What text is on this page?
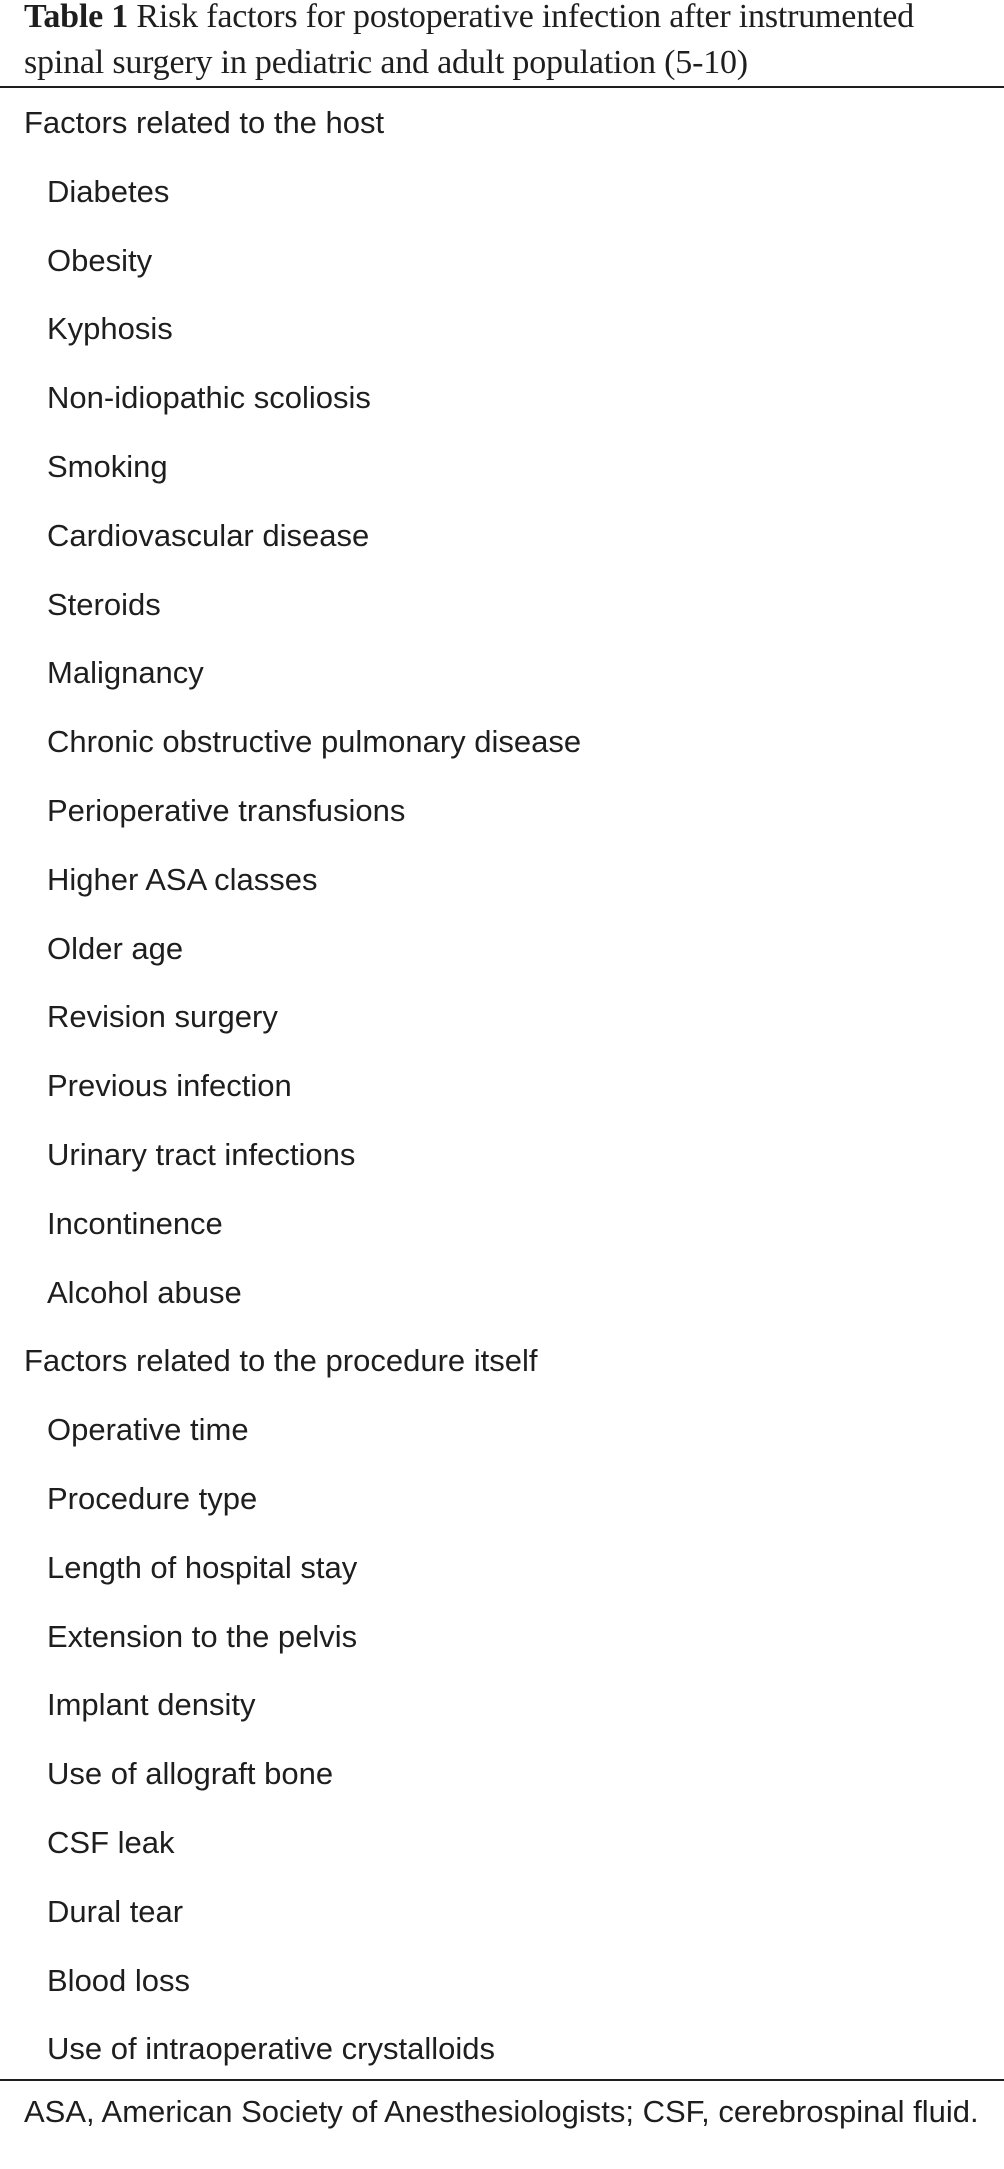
Table 1 Risk factors for postoperative infection after instrumented spinal surgery in pediatric and adult population (5-10)
Factors related to the host
Diabetes
Obesity
Kyphosis
Non-idiopathic scoliosis
Smoking
Cardiovascular disease
Steroids
Malignancy
Chronic obstructive pulmonary disease
Perioperative transfusions
Higher ASA classes
Older age
Revision surgery
Previous infection
Urinary tract infections
Incontinence
Alcohol abuse
Factors related to the procedure itself
Operative time
Procedure type
Length of hospital stay
Extension to the pelvis
Implant density
Use of allograft bone
CSF leak
Dural tear
Blood loss
Use of intraoperative crystalloids
ASA, American Society of Anesthesiologists; CSF, cerebrospinal fluid.
